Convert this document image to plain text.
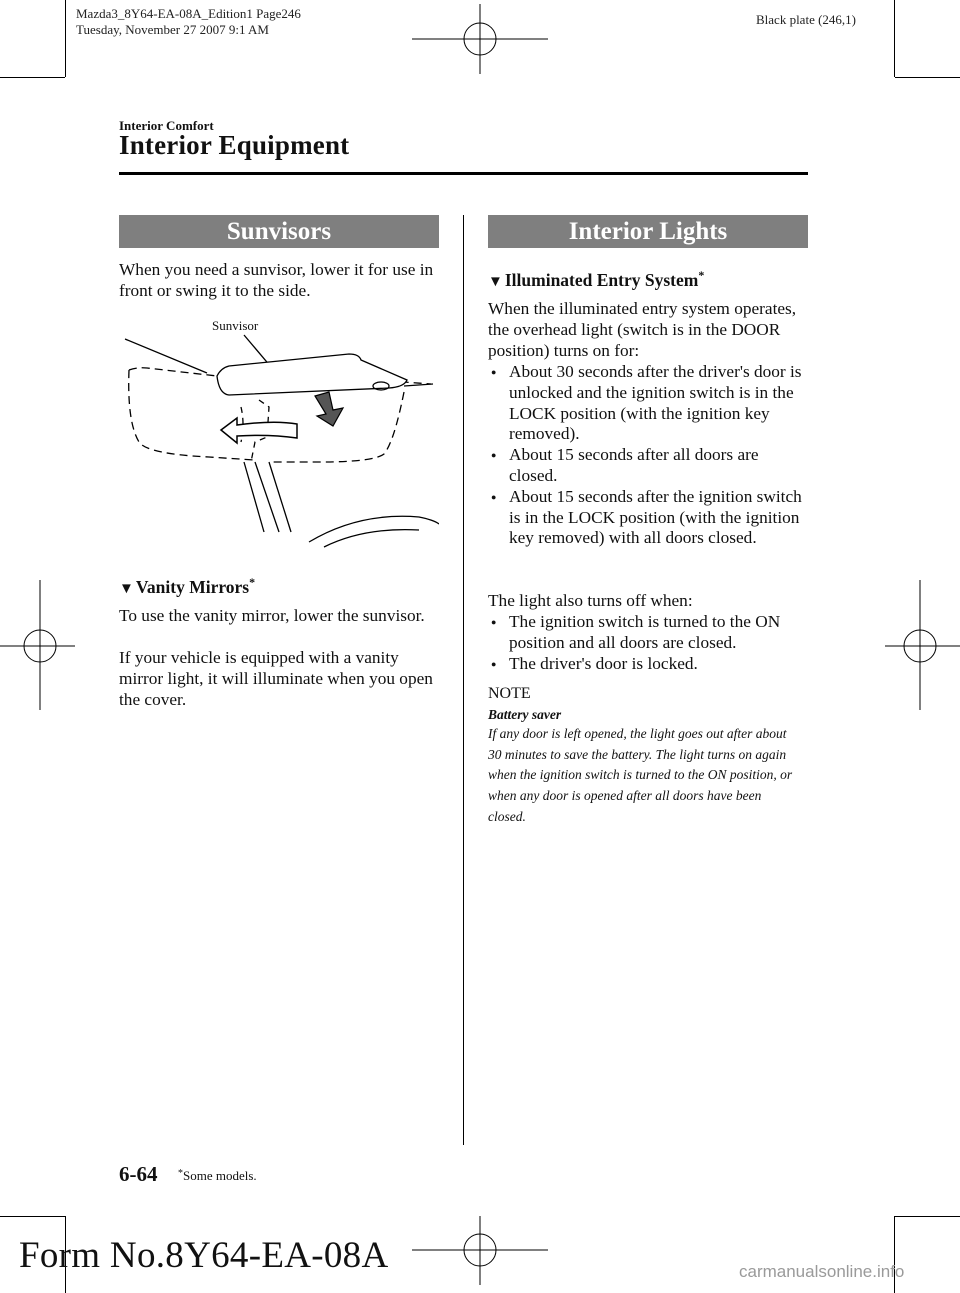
Mazda3_8Y64-EA-08A_Edition1 Page246
Tuesday, November 27 2007 9:1 AM
Black plate (246,1)
Interior Comfort
Interior Equipment
Sunvisors
When you need a sunvisor, lower it for use in front or swing it to the side.
Sunvisor
▼ Vanity Mirrors*
To use the vanity mirror, lower the sunvisor.
If your vehicle is equipped with a vanity mirror light, it will illuminate when you open the cover.
Interior Lights
▼ Illuminated Entry System*
When the illuminated entry system operates, the overhead light (switch is in the DOOR position) turns on for:
● About 30 seconds after the driver's door is unlocked and the ignition switch is in the LOCK position (with the ignition key removed).
● About 15 seconds after all doors are closed.
● About 15 seconds after the ignition switch is in the LOCK position (with the ignition key removed) with all doors closed.
The light also turns off when:
● The ignition switch is turned to the ON position and all doors are closed.
● The driver's door is locked.
NOTE
Battery saver
If any door is left opened, the light goes out after about 30 minutes to save the battery. The light turns on again when the ignition switch is turned to the ON position, or when any door is opened after all doors have been closed.
6-64 *Some models.
Form No.8Y64-EA-08A	carmanualsonline.info
